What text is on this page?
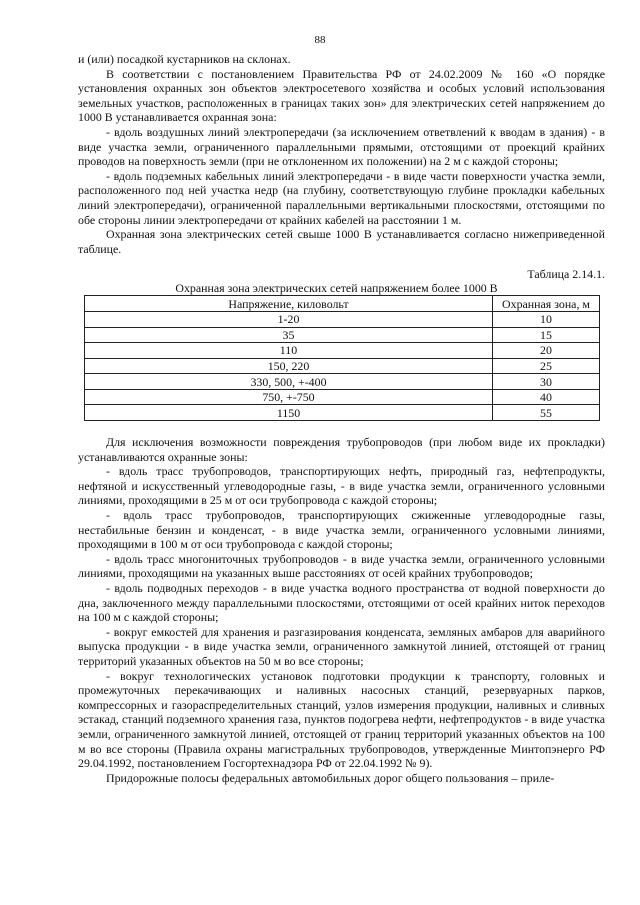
88

и (или) посадкой кустарников на склонах.

В соответствии с постановлением Правительства РФ от 24.02.2009 № 160 «О порядке установления охранных зон объектов электросетевого хозяйства и особых условий использования земельных участков, расположенных в границах таких зон» для электрических сетей напряжением до 1000 В устанавливается охранная зона:

- вдоль воздушных линий электропередачи (за исключением ответвлений к вводам в здания) - в виде участка земли, ограниченного параллельными прямыми, отстоящими от проекций крайних проводов на поверхность земли (при не отклоненном их положении) на 2 м с каждой стороны;

- вдоль подземных кабельных линий электропередачи - в виде части поверхности участка земли, расположенного под ней участка недр (на глубину, соответствующую глубине прокладки кабельных линий электропередачи), ограниченной параллельными вертикальными плоскостями, отстоящими по обе стороны линии электропередачи от крайних кабелей на расстоянии 1 м.

Охранная зона электрических сетей свыше 1000 В устанавливается согласно нижеприведенной таблице.

Таблица 2.14.1.

Охранная зона электрических сетей напряжением более 1000 В

Напряжение, киловольт	Охранная зона, м
1-20	10
35	15
110	20
150, 220	25
330, 500, +-400	30
750, +-750	40
1150	55

Для исключения возможности повреждения трубопроводов (при любом виде их прокладки) устанавливаются охранные зоны:

- вдоль трасс трубопроводов, транспортирующих нефть, природный газ, нефтепродукты, нефтяной и искусственный углеводородные газы, - в виде участка земли, ограниченного условными линиями, проходящими в 25 м от оси трубопровода с каждой стороны;

- вдоль трасс трубопроводов, транспортирующих сжиженные углеводородные газы, нестабильные бензин и конденсат, - в виде участка земли, ограниченного условными линиями, проходящими в 100 м от оси трубопровода с каждой стороны;

- вдоль трасс многониточных трубопроводов - в виде участка земли, ограниченного условными линиями, проходящими на указанных выше расстояниях от осей крайних трубопроводов;

- вдоль подводных переходов - в виде участка водного пространства от водной поверхности до дна, заключенного между параллельными плоскостями, отстоящими от осей крайних ниток переходов на 100 м с каждой стороны;

- вокруг емкостей для хранения и разгазирования конденсата, земляных амбаров для аварийного выпуска продукции - в виде участка земли, ограниченного замкнутой линией, отстоящей от границ территорий указанных объектов на 50 м во все стороны;

- вокруг технологических установок подготовки продукции к транспорту, головных и промежуточных перекачивающих и наливных насосных станций, резервуарных парков, компрессорных и газораспределительных станций, узлов измерения продукции, наливных и сливных эстакад, станций подземного хранения газа, пунктов подогрева нефти, нефтепродуктов - в виде участка земли, ограниченного замкнутой линией, отстоящей от границ территорий указанных объектов на 100 м во все стороны (Правила охраны магистральных трубопроводов, утвержденные Минтопэнерго РФ 29.04.1992, постановлением Госгортехнадзора РФ от 22.04.1992 № 9).

Придорожные полосы федеральных автомобильных дорог общего пользования – приле-
